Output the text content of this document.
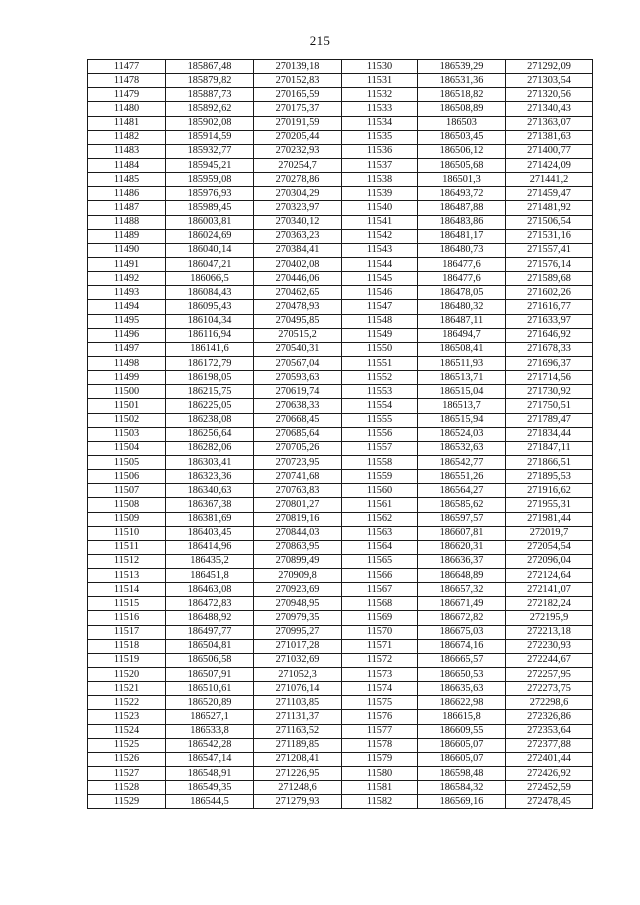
215
11477	185867,48	270139,18	11530	186539,29	271292,09
11478	185879,82	270152,83	11531	186531,36	271303,54
11479	185887,73	270165,59	11532	186518,82	271320,56
11480	185892,62	270175,37	11533	186508,89	271340,43
11481	185902,08	270191,59	11534	186503	271363,07
11482	185914,59	270205,44	11535	186503,45	271381,63
11483	185932,77	270232,93	11536	186506,12	271400,77
11484	185945,21	270254,7	11537	186505,68	271424,09
11485	185959,08	270278,86	11538	186501,3	271441,2
11486	185976,93	270304,29	11539	186493,72	271459,47
11487	185989,45	270323,97	11540	186487,88	271481,92
11488	186003,81	270340,12	11541	186483,86	271506,54
11489	186024,69	270363,23	11542	186481,17	271531,16
11490	186040,14	270384,41	11543	186480,73	271557,41
11491	186047,21	270402,08	11544	186477,6	271576,14
11492	186066,5	270446,06	11545	186477,6	271589,68
11493	186084,43	270462,65	11546	186478,05	271602,26
11494	186095,43	270478,93	11547	186480,32	271616,77
11495	186104,34	270495,85	11548	186487,11	271633,97
11496	186116,94	270515,2	11549	186494,7	271646,92
11497	186141,6	270540,31	11550	186508,41	271678,33
11498	186172,79	270567,04	11551	186511,93	271696,37
11499	186198,05	270593,63	11552	186513,71	271714,56
11500	186215,75	270619,74	11553	186515,04	271730,92
11501	186225,05	270638,33	11554	186513,7	271750,51
11502	186238,08	270668,45	11555	186515,94	271789,47
11503	186256,64	270685,64	11556	186524,03	271834,44
11504	186282,06	270705,26	11557	186532,63	271847,11
11505	186303,41	270723,95	11558	186542,77	271866,51
11506	186323,36	270741,68	11559	186551,26	271895,53
11507	186340,63	270763,83	11560	186564,27	271916,62
11508	186367,38	270801,27	11561	186585,62	271955,31
11509	186381,69	270819,16	11562	186597,57	271981,44
11510	186403,45	270844,03	11563	186607,81	272019,7
11511	186414,96	270863,95	11564	186620,31	272054,54
11512	186435,2	270899,49	11565	186636,37	272096,04
11513	186451,8	270909,8	11566	186648,89	272124,64
11514	186463,08	270923,69	11567	186657,32	272141,07
11515	186472,83	270948,95	11568	186671,49	272182,24
11516	186488,92	270979,35	11569	186672,82	272195,9
11517	186497,77	270995,27	11570	186675,03	272213,18
11518	186504,81	271017,28	11571	186674,16	272230,93
11519	186506,58	271032,69	11572	186665,57	272244,67
11520	186507,91	271052,3	11573	186650,53	272257,95
11521	186510,61	271076,14	11574	186635,63	272273,75
11522	186520,89	271103,85	11575	186622,98	272298,6
11523	186527,1	271131,37	11576	186615,8	272326,86
11524	186533,8	271163,52	11577	186609,55	272353,64
11525	186542,28	271189,85	11578	186605,07	272377,88
11526	186547,14	271208,41	11579	186605,07	272401,44
11527	186548,91	271226,95	11580	186598,48	272426,92
11528	186549,35	271248,6	11581	186584,32	272452,59
11529	186544,5	271279,93	11582	186569,16	272478,45
